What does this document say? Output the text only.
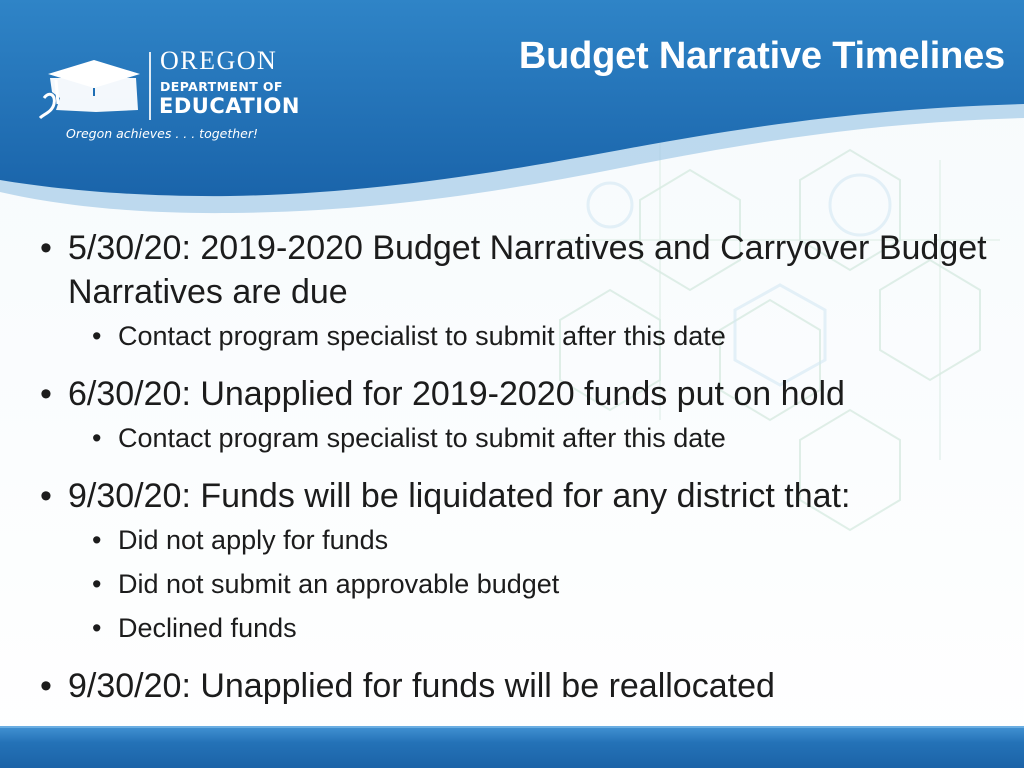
Budget Narrative Timelines
OREGON
DEPARTMENT OF
EDUCATION
Oregon achieves . . . together!
• 5/30/20: 2019-2020 Budget Narratives and Carryover Budget Narratives are due
• Contact program specialist to submit after this date
• 6/30/20: Unapplied for 2019-2020 funds put on hold
• Contact program specialist to submit after this date
• 9/30/20: Funds will be liquidated for any district that:
• Did not apply for funds
• Did not submit an approvable budget
• Declined funds
• 9/30/20: Unapplied for funds will be reallocated
